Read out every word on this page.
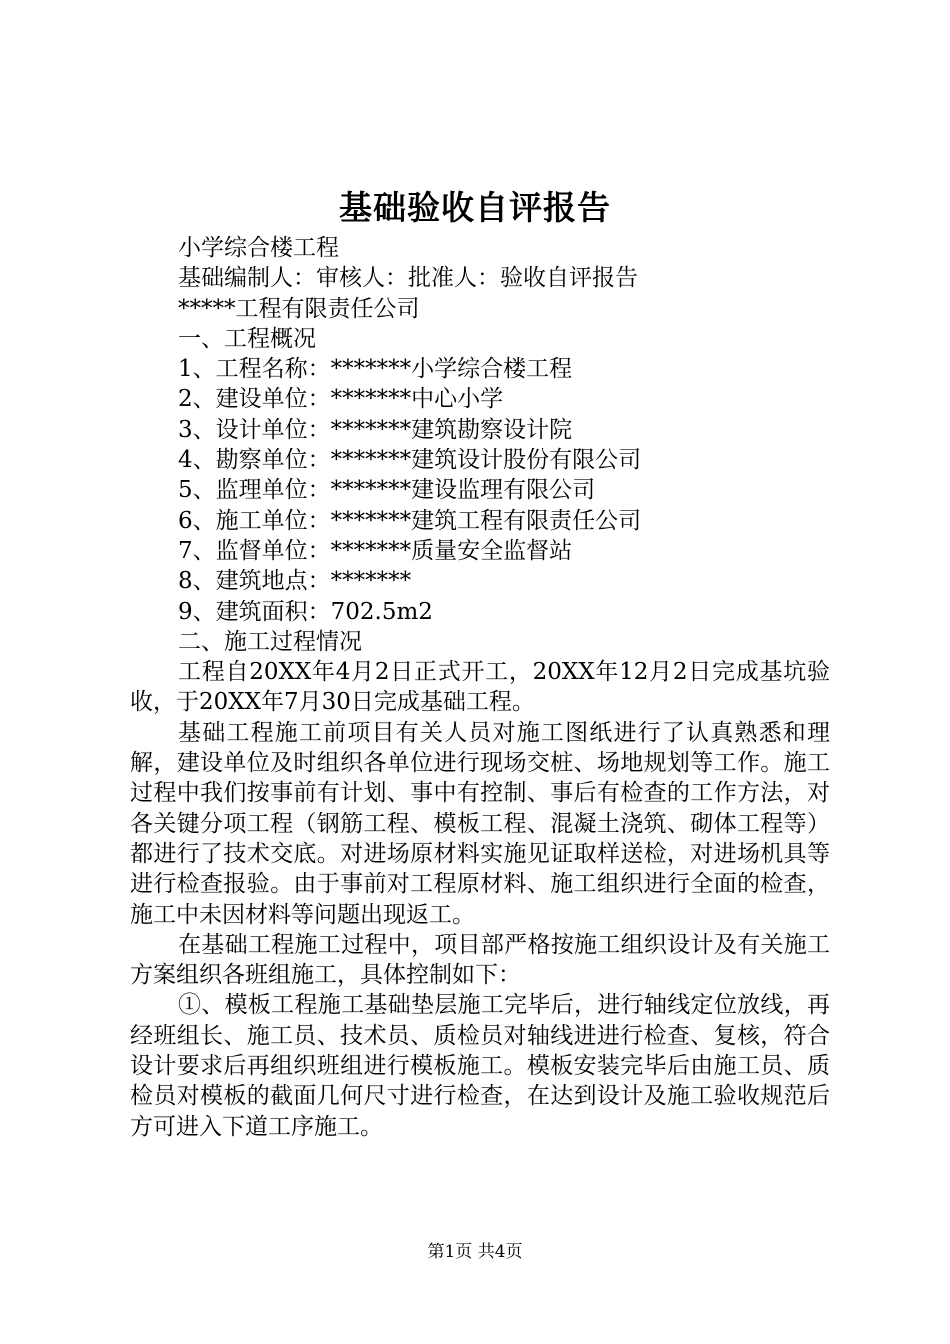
基础验收自评报告
小学综合楼工程
基础编制人：审核人：批准人：验收自评报告
*****工程有限责任公司
一、工程概况
1、工程名称：*******小学综合楼工程
2、建设单位：*******中心小学
3、设计单位：*******建筑勘察设计院
4、勘察单位：*******建筑设计股份有限公司
5、监理单位：*******建设监理有限公司
6、施工单位：*******建筑工程有限责任公司
7、监督单位：*******质量安全监督站
8、建筑地点：*******
9、建筑面积：702.5m2
二、施工过程情况
工程自20XX年4月2日正式开工，20XX年12月2日完成基坑验收，于20XX年7月30日完成基础工程。
基础工程施工前项目有关人员对施工图纸进行了认真熟悉和理解，建设单位及时组织各单位进行现场交桩、场地规划等工作。施工过程中我们按事前有计划、事中有控制、事后有检查的工作方法，对各关键分项工程（钢筋工程、模板工程、混凝土浇筑、砌体工程等）都进行了技术交底。对进场原材料实施见证取样送检，对进场机具等进行检查报验。由于事前对工程原材料、施工组织进行全面的检查，施工中未因材料等问题出现返工。
在基础工程施工过程中，项目部严格按施工组织设计及有关施工方案组织各班组施工，具体控制如下：
①、模板工程施工基础垫层施工完毕后，进行轴线定位放线，再经班组长、施工员、技术员、质检员对轴线进进行检查、复核，符合设计要求后再组织班组进行模板施工。模板安装完毕后由施工员、质检员对模板的截面几何尺寸进行检查，在达到设计及施工验收规范后方可进入下道工序施工。
第1页 共4页
